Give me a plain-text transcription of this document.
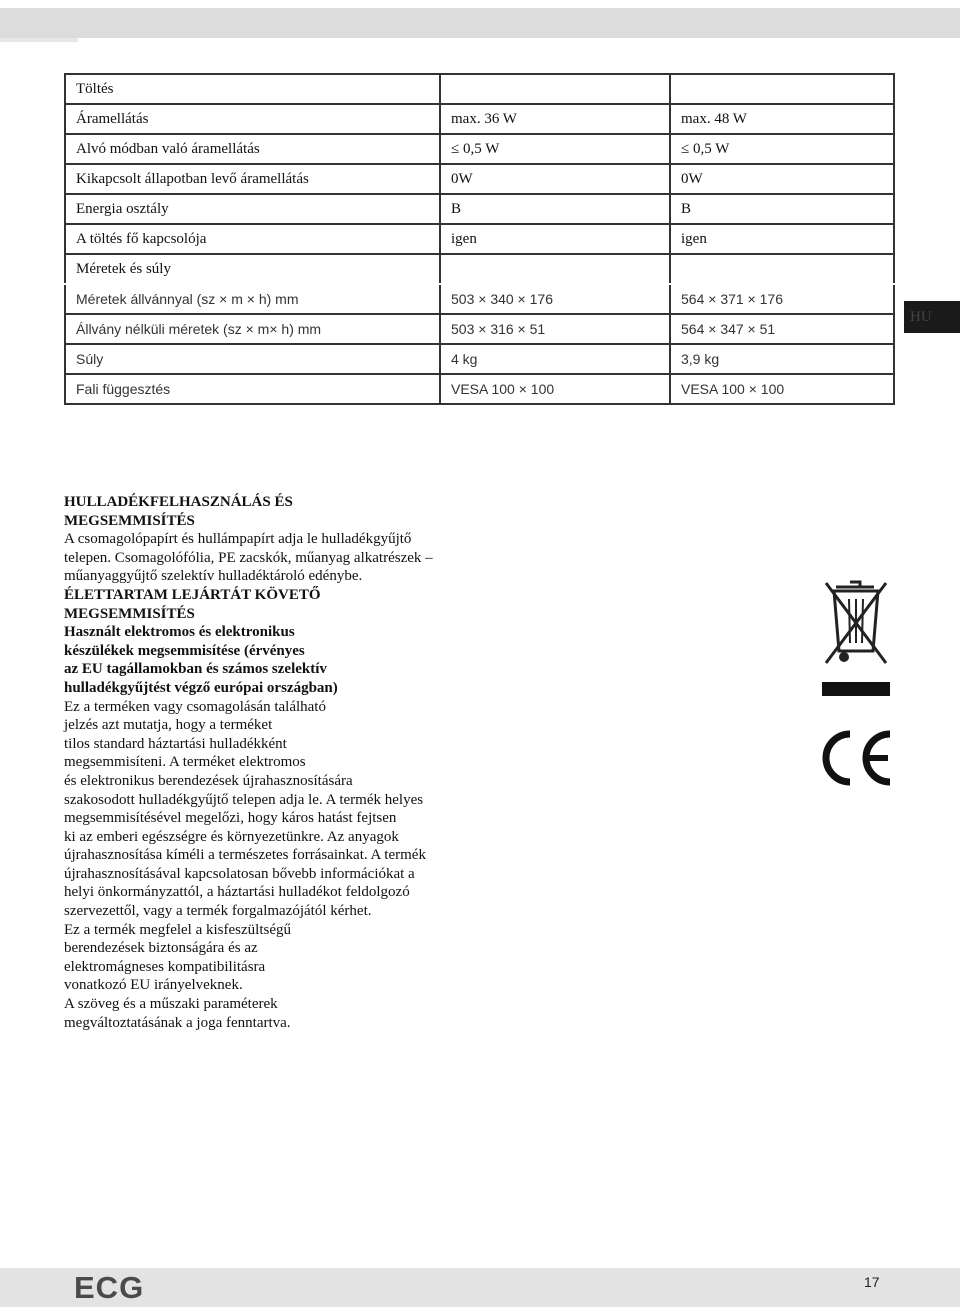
Töltés		
Áramellátás	max. 36 W	max. 48 W
Alvó módban való áramellátás	≤ 0,5 W	≤ 0,5 W
Kikapcsolt állapotban levő áramellátás	0W	0W
Energia osztály	B	B
A töltés fő kapcsolója	igen	igen
Méretek és súly		
Méretek állvánnyal (sz × m × h) mm	503 × 340 × 176	564 × 371 × 176
Állvány nélküli méretek (sz × m× h) mm	503 × 316 × 51	564 × 347 × 51
Súly	4 kg	3,9 kg
Fali függesztés	VESA 100 × 100	VESA 100 × 100
HU

HULLADÉKFELHASZNÁLÁS ÉS

MEGSEMMISÍTÉS

A csomagolópapírt és hullámpapírt adja le hulladékgyűjtő

telepen. Csomagolófólia, PE zacskók, műanyag alkatrészek –

műanyaggyűjtő szelektív hulladéktároló edénybe.

ÉLETTARTAM LEJÁRTÁT KÖVETŐ

MEGSEMMISÍTÉS

Használt elektromos és elektronikus

készülékek megsemmisítése (érvényes

az EU tagállamokban és számos szelektív

hulladékgyűjtést végző európai országban)

Ez a terméken vagy csomagolásán található

jelzés azt mutatja, hogy a terméket

tilos standard háztartási hulladékként

megsemmisíteni. A terméket elektromos

és elektronikus berendezések újrahasznosítására

szakosodott hulladékgyűjtő telepen adja le. A termék helyes

megsemmisítésével megelőzi, hogy káros hatást fejtsen

ki az emberi egészségre és környezetünkre. Az anyagok

újrahasznosítása kíméli a természetes forrásainkat. A termék

újrahasznosításával kapcsolatosan bővebb információkat a

helyi önkormányzattól, a háztartási hulladékot feldolgozó

szervezettől, vagy a termék forgalmazójától kérhet.

Ez a termék megfelel a kisfeszültségű

berendezések biztonságára és az

elektromágneses kompatibilitásra

vonatkozó EU irányelveknek.

A szöveg és a műszaki paraméterek

megváltoztatásának a joga fenntartva.

ECG	17
